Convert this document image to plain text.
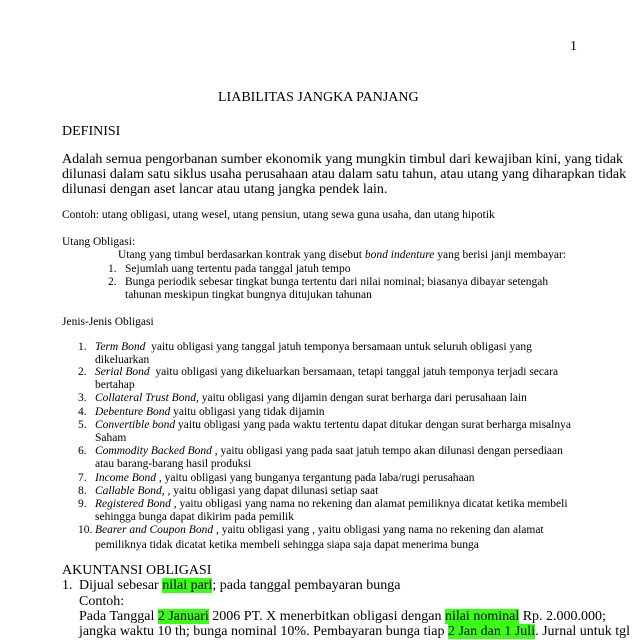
1
LIABILITAS JANGKA PANJANG
DEFINISI
Adalah semua pengorbanan sumber ekonomik yang mungkin timbul dari kewajiban kini, yang tidak
dilunasi dalam satu siklus usaha perusahaan atau dalam satu tahun, atau utang yang diharapkan tidak
dilunasi dengan aset lancar atau utang jangka pendek lain.
Contoh: utang obligasi, utang wesel, utang pensiun, utang sewa guna usaha, dan utang hipotik
Utang Obligasi:
Utang yang timbul berdasarkan kontrak yang disebut bond indenture yang berisi janji membayar:
1. Sejumlah uang tertentu pada tanggal jatuh tempo
2. Bunga periodik sebesar tingkat bunga tertentu dari nilai nominal; biasanya dibayar setengah
tahunan meskipun tingkat bungnya ditujukan tahunan
Jenis-Jenis Obligasi
1. Term Bond  yaitu obligasi yang tanggal jatuh temponya bersamaan untuk seluruh obligasi yang
dikeluarkan
2. Serial Bond  yaitu obligasi yang dikeluarkan bersamaan, tetapi tanggal jatuh temponya terjadi secara
bertahap
3. Collateral Trust Bond, yaitu obligasi yang dijamin dengan surat berharga dari perusahaan lain
4. Debenture Bond yaitu obligasi yang tidak dijamin
5. Convertible bond yaitu obligasi yang pada waktu tertentu dapat ditukar dengan surat berharga misalnya
Saham
6. Commodity Backed Bond , yaitu obligasi yang pada saat jatuh tempo akan dilunasi dengan persediaan
atau barang-barang hasil produksi
7. Income Bond , yaitu obligasi yang bunganya tergantung pada laba/rugi perusahaan
8. Callable Bond, , yaitu obligasi yang dapat dilunasi setiap saat
9. Registered Bond , yaitu obligasi yang nama no rekening dan alamat pemiliknya dicatat ketika membeli
sehingga bunga dapat dikirim pada pemilik
10. Bearer and Coupon Bond , yaitu obligasi yang , yaitu obligasi yang nama no rekening dan alamat
pemiliknya tidak dicatat ketika membeli sehingga siapa saja dapat menerima bunga
AKUNTANSI OBLIGASI
1. Dijual sebesar nilai pari; pada tanggal pembayaran bunga
Contoh:
Pada Tanggal 2 Januari 2006 PT. X menerbitkan obligasi dengan nilai nominal Rp. 2.000.000;
jangka waktu 10 th; bunga nominal 10%. Pembayaran bunga tiap 2 Jan dan 1 Juli. Jurnal untuk tgl
